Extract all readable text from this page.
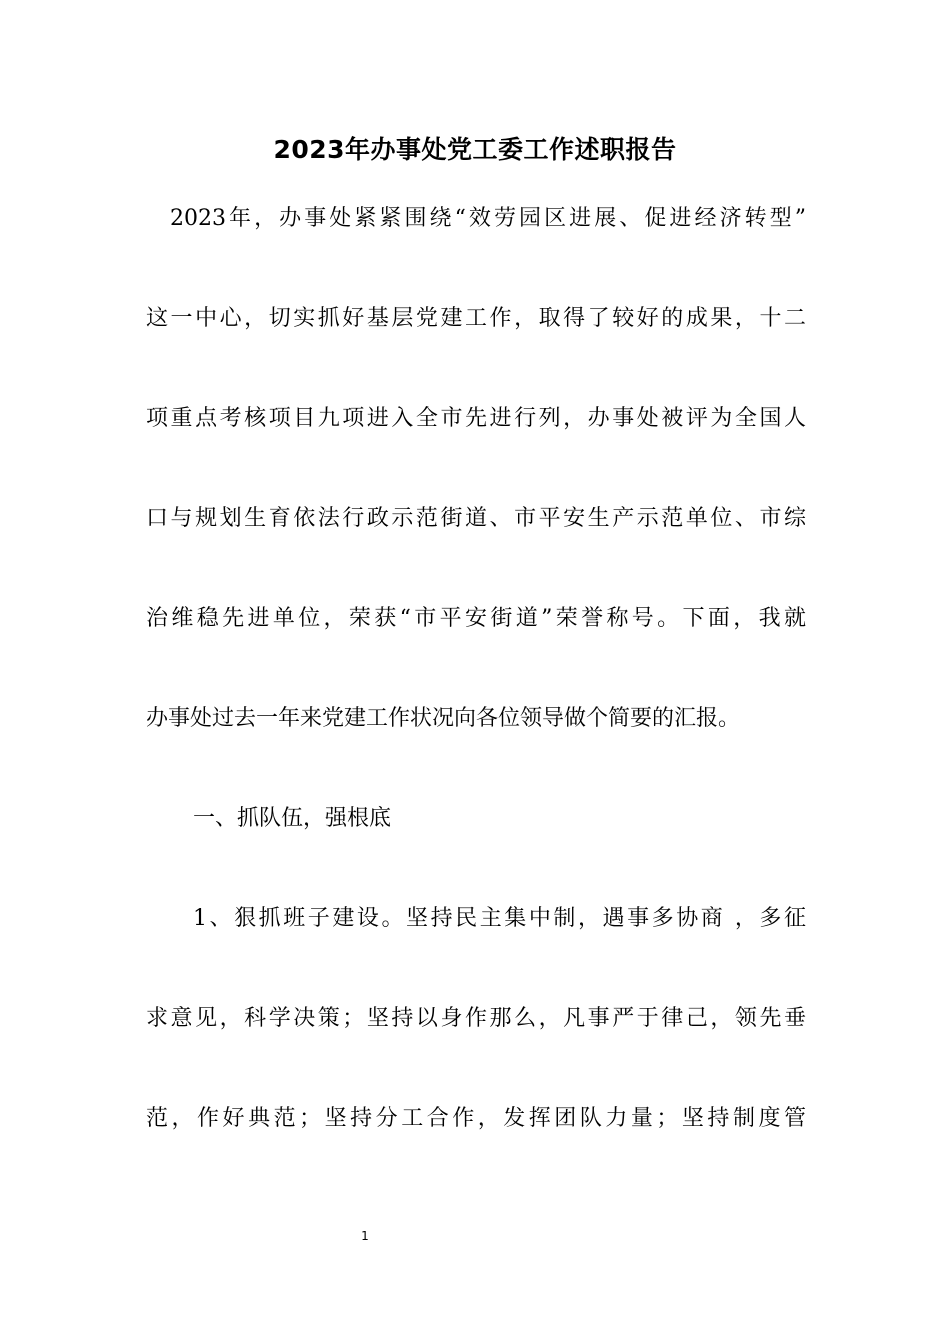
2023年办事处党工委工作述职报告
2023年，办事处紧紧围绕“效劳园区进展、促进经济转型”
这一中心，切实抓好基层党建工作，取得了较好的成果，十二
项重点考核项目九项进入全市先进行列，办事处被评为全国人
口与规划生育依法行政示范街道、市平安生产示范单位、市综
治维稳先进单位，荣获“市平安街道”荣誉称号。下面，我就
办事处过去一年来党建工作状况向各位领导做个简要的汇报。
一、抓队伍，强根底
1、狠抓班子建设。坚持民主集中制，遇事多协商 ，多征
求意见，科学决策；坚持以身作那么，凡事严于律己，领先垂
范，作好典范；坚持分工合作，发挥团队力量；坚持制度管
1
